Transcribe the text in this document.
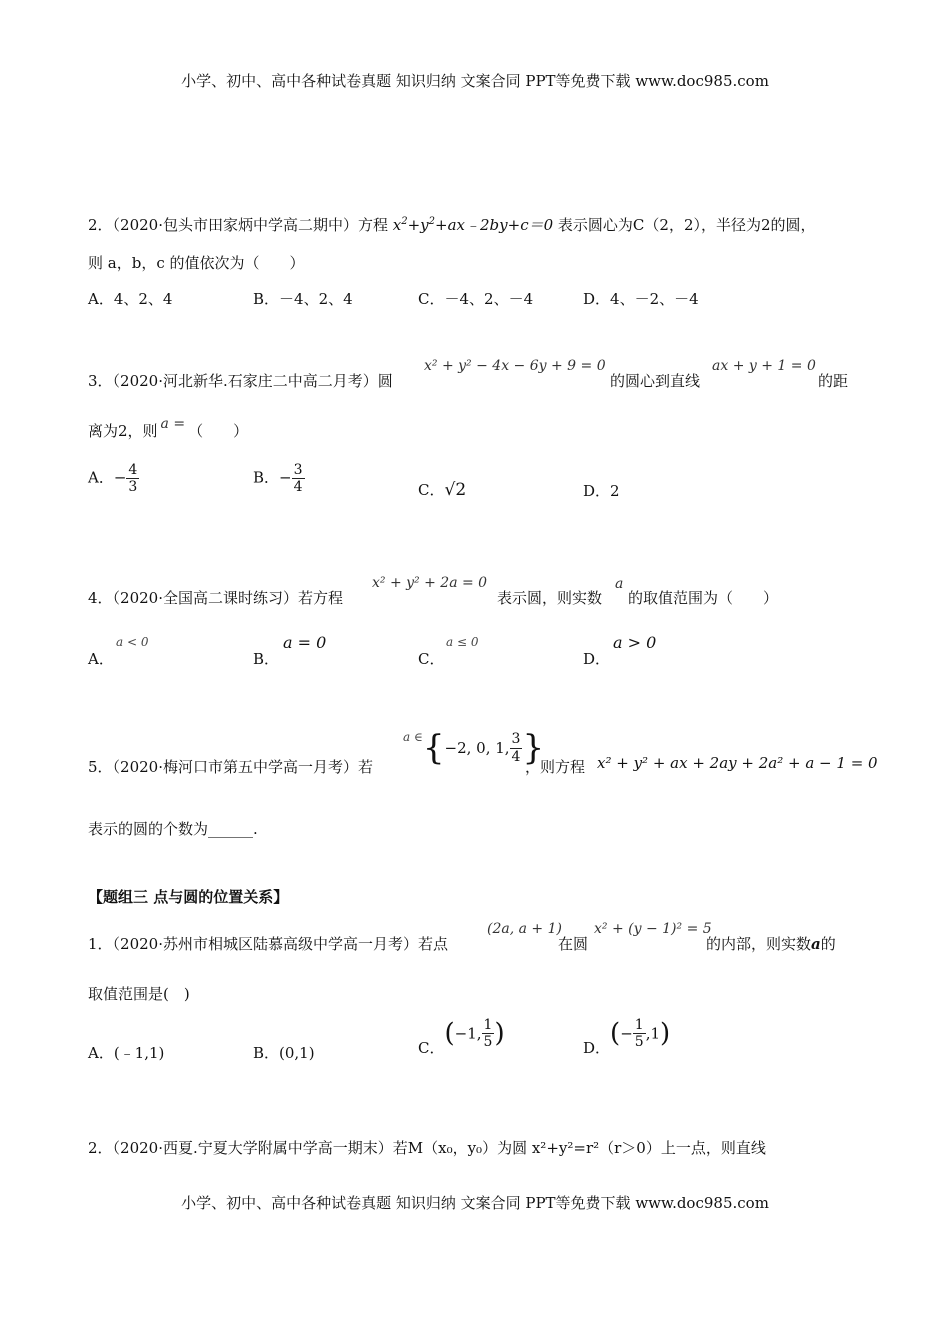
小学、初中、高中各种试卷真题 知识归纳 文案合同 PPT等免费下载 www.doc985.com
2．（2020·包头市田家炳中学高二期中）方程 $x^2+y^2+ax﹣2by+c=0$ 表示圆心为C（2，2），半径为2的圆，
则 a，b，c 的值依次为（　　）
A．4、2、4	B．－4、2、4	C．－4、2、－4	D．4、－2、－4
3．（2020·河北新华.石家庄二中高二月考）圆
x² + y² − 4x − 6y + 9 = 0
的圆心到直线
ax + y + 1 = 0
的距
离为2，则 a = （　　）
A．− $\frac{4}{3}$	B．− $\frac{3}{4}$	C．√2	D．2
4．（2020·全国高二课时练习）若方程
x² + y² + 2a = 0
表示圆，则实数
a
的取值范围为（　　）
A．
a < 0
B．
a = 0
C．
a ≤ 0
D．
a > 0
5．（2020·梅河口市第五中学高一月考）若
$^{a \in}${−2, 0, 1, $\frac{3}{4}$ }
，则方程 x² + y² + ax + 2ay + 2a² + a − 1 = 0
表示的圆的个数为______.
【题组三 点与圆的位置关系】
1．（2020·苏州市相城区陆慕高级中学高一月考）若点
(2a, a + 1)
在圆
x² + (y − 1)² = 5
的内部，则实数a的
取值范围是(　)
A．(﹣1,1)	B．(0,1)	C．(−1, $\frac{1}{5}$ )	D．(− $\frac{1}{5} ,1$)
2．（2020·西夏.宁夏大学附属中学高一期末）若M（x₀，y₀）为圆 x²+y²=r²（r＞0）上一点，则直线
小学、初中、高中各种试卷真题 知识归纳 文案合同 PPT等免费下载 www.doc985.com
